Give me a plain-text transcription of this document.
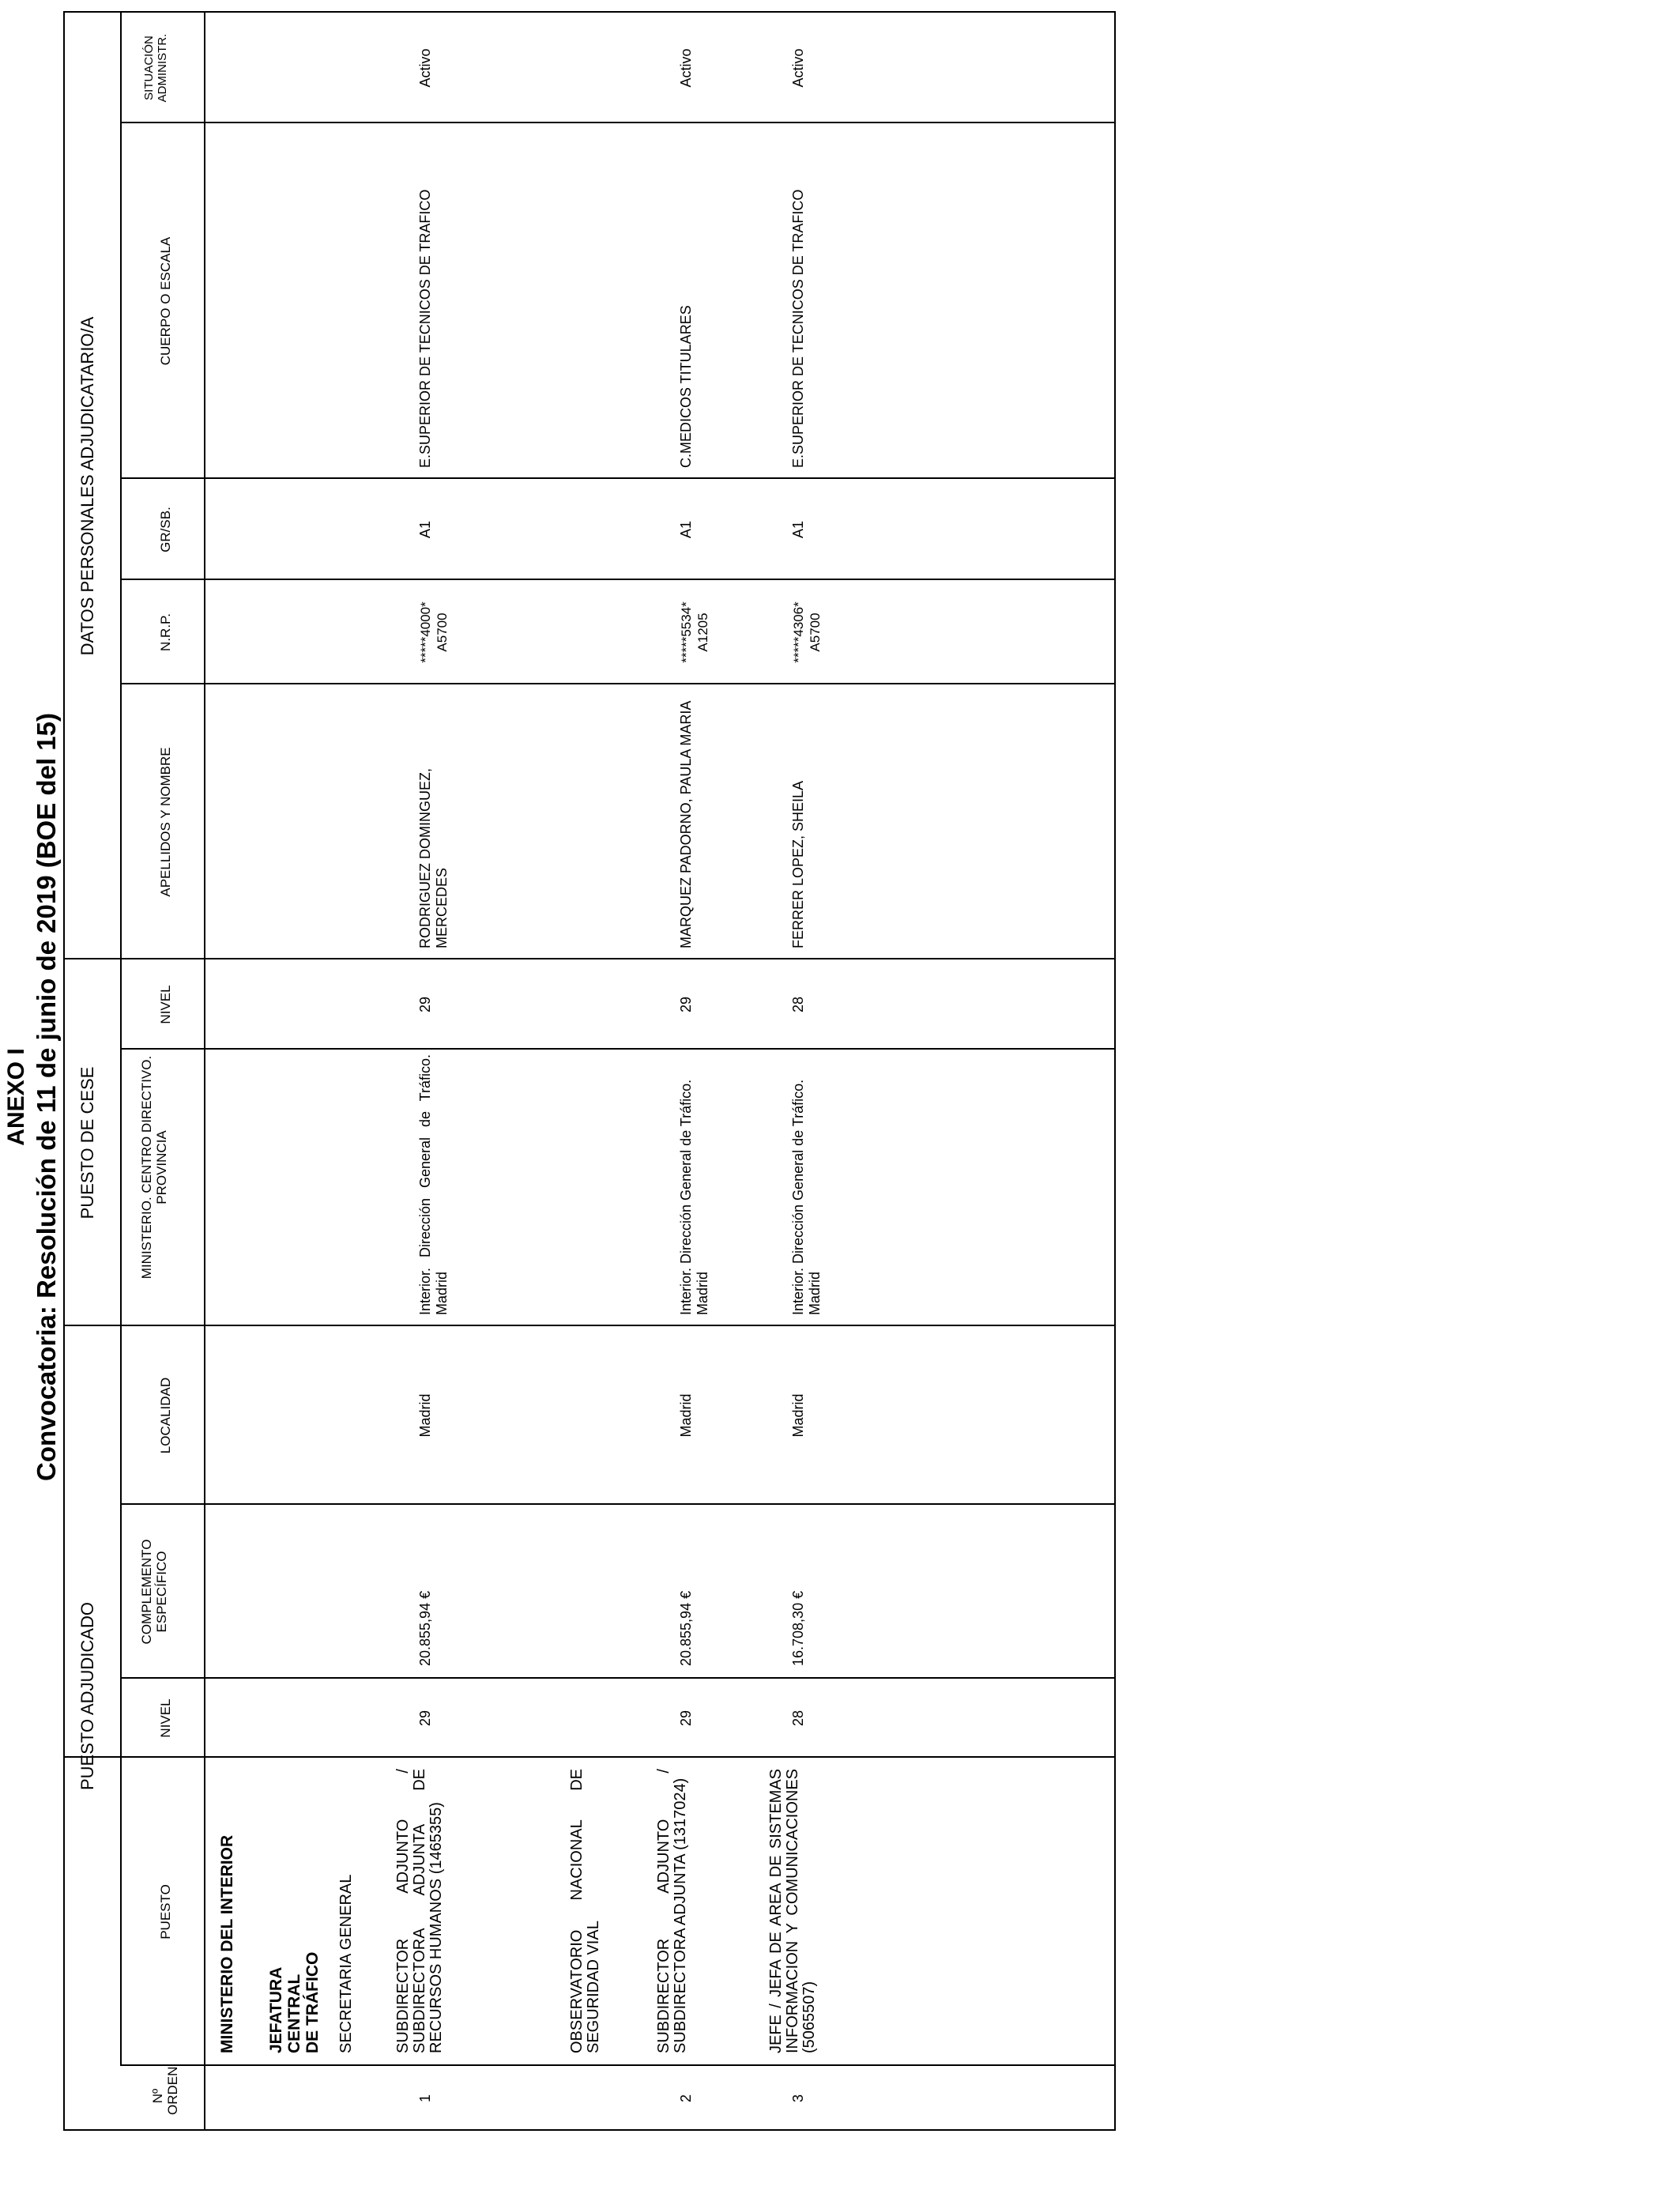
ANEXO I Convocatoria: Resolución de 11 de junio de 2019 (BOE del 15)
PUESTO ADJUDICADO
PUESTO DE CESE
DATOS PERSONALES ADJUDICATARIO/A
Nº ORDEN
PUESTO
NIVEL
COMPLEMENTO ESPECÍFICO
LOCALIDAD
MINISTERIO. CENTRO DIRECTIVO. PROVINCIA
NIVEL
APELLIDOS Y NOMBRE
N.R.P.
GR/SB.
CUERPO O ESCALA
SITUACIÓN ADMINISTR.
MINISTERIO DEL INTERIOR JEFATURA CENTRAL DE TRÁFICO SECRETARIA GENERAL
1
SUBDIRECTOR ADJUNTO / SUBDIRECTORA ADJUNTA DE RECURSOS HUMANOS (1465355)
29
20.855,94 €
Madrid
Interior. Dirección General de Tráfico. Madrid
29
RODRIGUEZ DOMINGUEZ, MERCEDES
*****4000* A5700
A1
E.SUPERIOR DE TECNICOS DE TRAFICO
Activo
OBSERVATORIO NACIONAL DE SEGURIDAD VIAL
2
SUBDIRECTOR ADJUNTO / SUBDIRECTORA ADJUNTA (1317024)
29
20.855,94 €
Madrid
Interior. Dirección General de Tráfico. Madrid
29
MARQUEZ PADORNO, PAULA MARIA
*****5534* A1205
A1
C.MEDICOS TITULARES
Activo
3
JEFE / JEFA DE AREA DE SISTEMAS INFORMACION Y COMUNICACIONES (5065507)
28
16.708,30 €
Madrid
Interior. Dirección General de Tráfico. Madrid
28
FERRER LOPEZ, SHEILA
*****4306* A5700
A1
E.SUPERIOR DE TECNICOS DE TRAFICO
Activo
